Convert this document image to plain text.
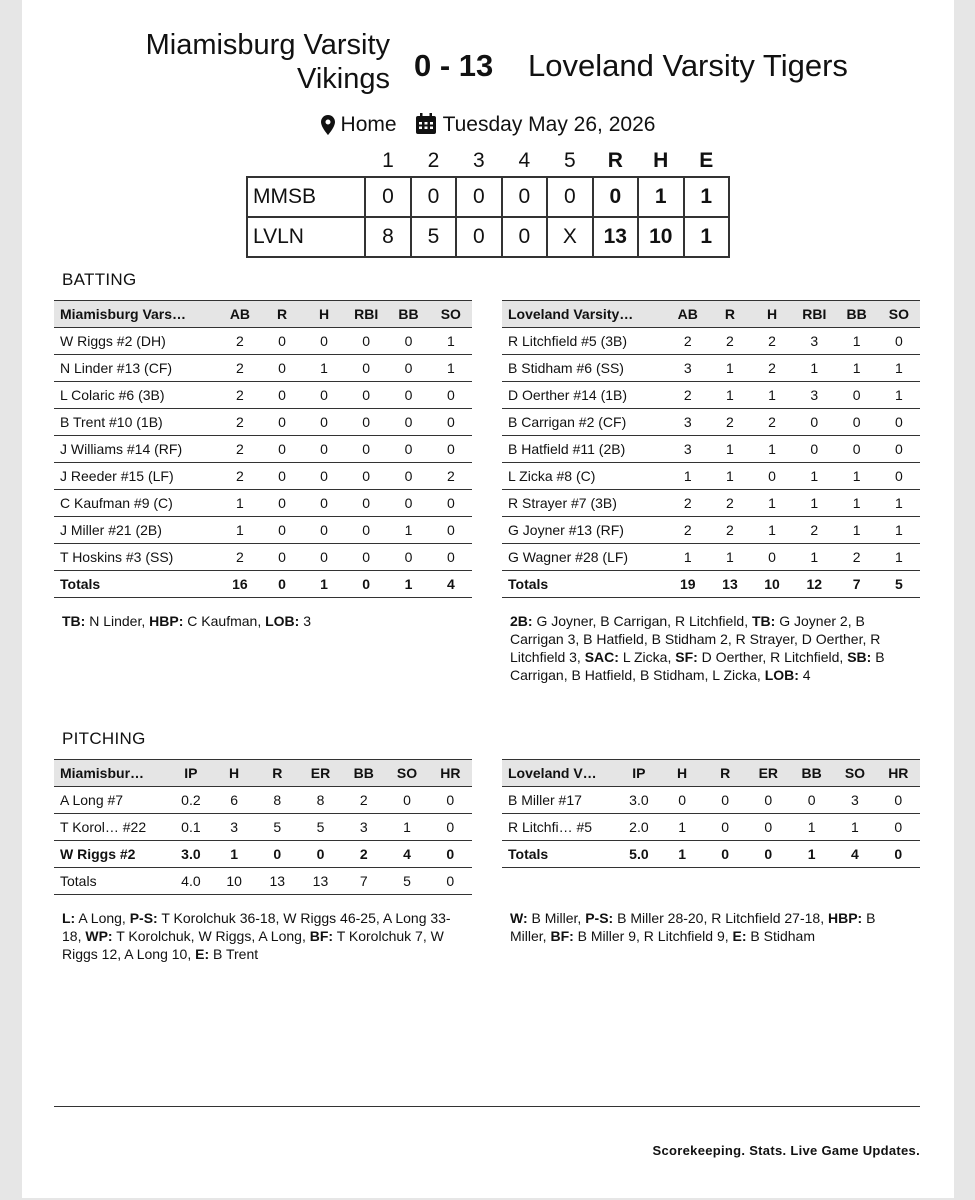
Miamisburg Varsity
Vikings 0 - 13 Loveland Varsity Tigers
Home Tuesday May 26, 2026
	1	2	3	4	5	R	H	E
MMSB	0	0	0	0	0	0	1	1
LVLN	8	5	0	0	X	13	10	1
BATTING
Miamisburg Vars…	AB	R	H	RBI	BB	SO
W Riggs #2 (DH)	2	0	0	0	0	1
N Linder #13 (CF)	2	0	1	0	0	1
L Colaric #6 (3B)	2	0	0	0	0	0
B Trent #10 (1B)	2	0	0	0	0	0
J Williams #14 (RF)	2	0	0	0	0	0
J Reeder #15 (LF)	2	0	0	0	0	2
C Kaufman #9 (C)	1	0	0	0	0	0
J Miller #21 (2B)	1	0	0	0	1	0
T Hoskins #3 (SS)	2	0	0	0	0	0
Totals	16	0	1	0	1	4
Loveland Varsity…	AB	R	H	RBI	BB	SO
R Litchfield #5 (3B)	2	2	2	3	1	0
B Stidham #6 (SS)	3	1	2	1	1	1
D Oerther #14 (1B)	2	1	1	3	0	1
B Carrigan #2 (CF)	3	2	2	0	0	0
B Hatfield #11 (2B)	3	1	1	0	0	0
L Zicka #8 (C)	1	1	0	1	1	0
R Strayer #7 (3B)	2	2	1	1	1	1
G Joyner #13 (RF)	2	2	1	2	1	1
G Wagner #28 (LF)	1	1	0	1	2	1
Totals	19	13	10	12	7	5
TB: N Linder, HBP: C Kaufman, LOB: 3	2B: G Joyner, B Carrigan, R Litchfield, TB: G Joyner 2, B Carrigan 3, B Hatfield, B Stidham 2, R Strayer, D Oerther, R Litchfield 3, SAC: L Zicka, SF: D Oerther, R Litchfield, SB: B Carrigan, B Hatfield, B Stidham, L Zicka, LOB: 4
PITCHING
Miamisbur…	IP	H	R	ER	BB	SO	HR
A Long #7	0.2	6	8	8	2	0	0
T Korol… #22	0.1	3	5	5	3	1	0
W Riggs #2	3.0	1	0	0	2	4	0
Totals	4.0	10	13	13	7	5	0
Loveland V…	IP	H	R	ER	BB	SO	HR
B Miller #17	3.0	0	0	0	0	3	0
R Litchfi… #5	2.0	1	0	0	1	1	0
Totals	5.0	1	0	0	1	4	0
L: A Long, P-S: T Korolchuk 36-18, W Riggs 46-25, A Long 33-18, WP: T Korolchuk, W Riggs, A Long, BF: T Korolchuk 7, W Riggs 12, A Long 10, E: B Trent
W: B Miller, P-S: B Miller 28-20, R Litchfield 27-18, HBP: B Miller, BF: B Miller 9, R Litchfield 9, E: B Stidham
Scorekeeping. Stats. Live Game Updates.
